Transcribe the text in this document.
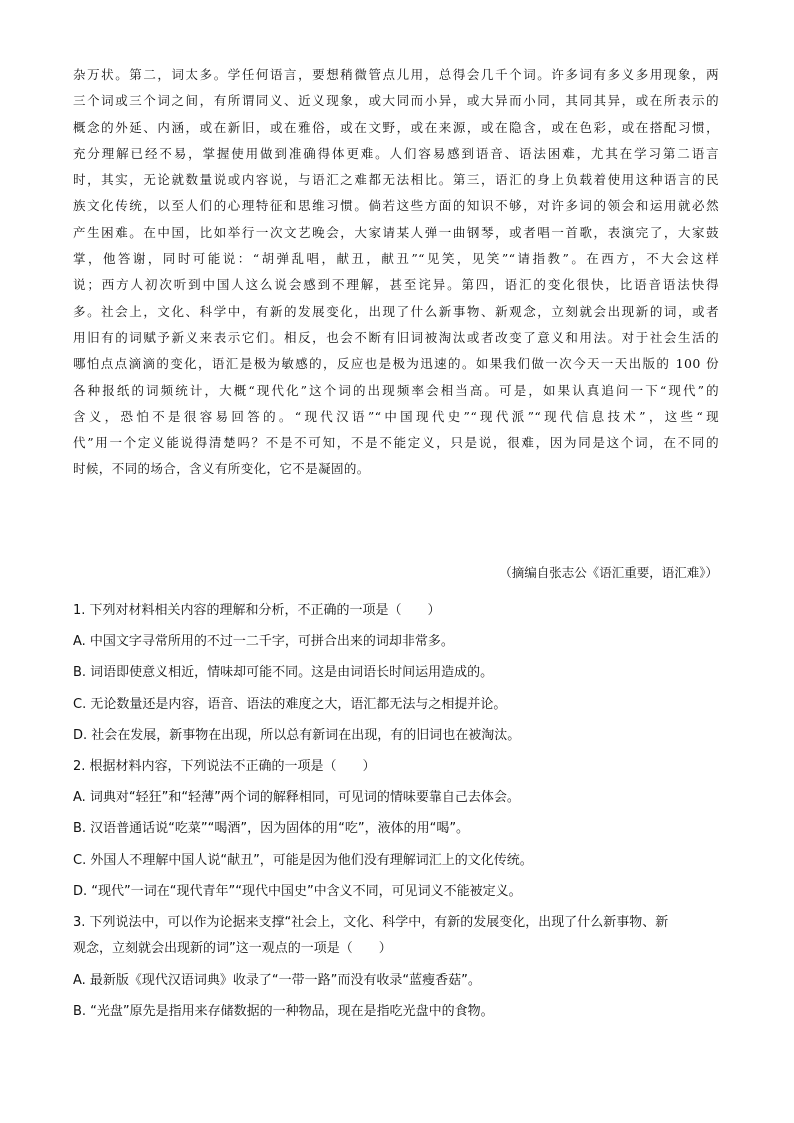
杂万状。第二，词太多。学任何语言，要想稍微管点儿用，总得会几千个词。许多词有多义多用现象，两
三个词或三个词之间，有所谓同义、近义现象，或大同而小异，或大异而小同，其同其异，或在所表示的
概念的外延、内涵，或在新旧，或在雅俗，或在文野，或在来源，或在隐含，或在色彩，或在搭配习惯，
充分理解已经不易，掌握使用做到准确得体更难。人们容易感到语音、语法困难，尤其在学习第二语言
时，其实，无论就数量说或内容说，与语汇之难都无法相比。第三，语汇的身上负载着使用这种语言的民
族文化传统，以至人们的心理特征和思维习惯。倘若这些方面的知识不够，对许多词的领会和运用就必然
产生困难。在中国，比如举行一次文艺晚会，大家请某人弹一曲钢琴，或者唱一首歌，表演完了，大家鼓
掌，他答谢，同时可能说：“胡弹乱唱，献丑，献丑”“见笑，见笑”“请指教”。在西方，不大会这样
说；西方人初次听到中国人这么说会感到不理解，甚至诧异。第四，语汇的变化很快，比语音语法快得
多。社会上，文化、科学中，有新的发展变化，出现了什么新事物、新观念，立刻就会出现新的词，或者
用旧有的词赋予新义来表示它们。相反，也会不断有旧词被淘汰或者改变了意义和用法。对于社会生活的
哪怕点点滴滴的变化，语汇是极为敏感的，反应也是极为迅速的。如果我们做一次今天一天出版的 100 份
各种报纸的词频统计，大概“现代化”这个词的出现频率会相当高。可是，如果认真追问一下“现代”的
含义，恐怕不是很容易回答的。“现代汉语”“中国现代史”“现代派”“现代信息技术”，这些“现
代”用一个定义能说得清楚吗？不是不可知，不是不能定义，只是说，很难，因为同是这个词，在不同的
时候，不同的场合，含义有所变化，它不是凝固的。
（摘编自张志公《语汇重要，语汇难》）
1. 下列对材料相关内容的理解和分析，不正确的一项是（　　）
A. 中国文字寻常所用的不过一二千字，可拼合出来的词却非常多。
B. 词语即使意义相近，情味却可能不同。这是由词语长时间运用造成的。
C. 无论数量还是内容，语音、语法的难度之大，语汇都无法与之相提并论。
D. 社会在发展，新事物在出现，所以总有新词在出现，有的旧词也在被淘汰。
2. 根据材料内容，下列说法不正确的一项是（　　）
A. 词典对“轻狂”和“轻薄”两个词的解释相同，可见词的情味要靠自己去体会。
B. 汉语普通话说“吃菜”“喝酒”，因为固体的用“吃”，液体的用“喝”。
C. 外国人不理解中国人说“献丑”，可能是因为他们没有理解词汇上的文化传统。
D. “现代”一词在“现代青年”“现代中国史”中含义不同，可见词义不能被定义。
3. 下列说法中，可以作为论据来支撑“社会上，文化、科学中，有新的发展变化，出现了什么新事物、新
观念，立刻就会出现新的词”这一观点的一项是（　　）
A. 最新版《现代汉语词典》收录了“一带一路”而没有收录“蓝瘦香菇”。
B. “光盘”原先是指用来存储数据的一种物品，现在是指吃光盘中的食物。
